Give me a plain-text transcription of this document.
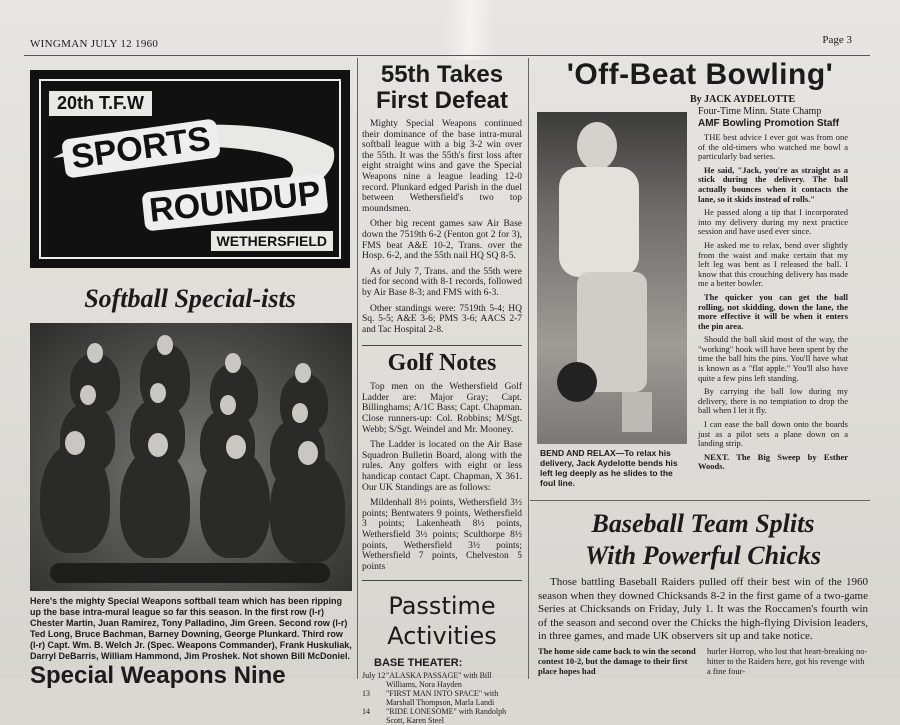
WINGMAN JULY 12 1960	Page 3
20th T.F.W
SPORTS
ROUNDUP
WETHERSFIELD
Softball Special-ists
Here's the mighty Special Weapons softball team which has been ripping up the base intra-mural league so far this season. In the first row (l-r) Chester Martin, Juan Ramirez, Tony Palladino, Jim Green. Second row (l-r) Ted Long, Bruce Bachman, Barney Downing, George Plunkard. Third row (l-r) Capt. Wm. B. Welch Jr. (Spec. Weapons Commander), Frank Huskuliak, Darryl DeBarris, William Hammond, Jim Proshek. Not shown Bill McDoniel.
Special Weapons Nine
55th Takes First Defeat

Mighty Special Weapons continued their dominance of the base intra-mural softball league with a big 3-2 win over the 55th. It was the 55th's first loss after eight straight wins and gave the Special Weapons nine a league leading 12-0 record. Plunkard edged Parish in the duel between Wethersfield's two top moundsmen.

Other big recent games saw Air Base down the 7519th 6-2 (Fenton got 2 for 3), FMS beat A&E 10-2, Trans. over the Hosp. 6-2, and the 55th nail HQ SQ 8-5.

As of July 7, Trans. and the 55th were tied for second with 8-1 records, followed by Air Base 8-3; and FMS with 6-3.

Other standings were: 7519th 5-4; HQ Sq. 5-5; A&E 3-6; PMS 3-6; AACS 2-7 and Tac Hospital 2-8.

Golf Notes

Top men on the Wethersfield Golf Ladder are: Major Gray; Capt. Billinghams; A/1C Bass; Capt. Chapman. Close runners-up: Col. Robbins; M/Sgt. Webb; S/Sgt. Weindel and Mr. Mooney.

The Ladder is located on the Air Base Squadron Bulletin Board, along with the rules. Any golfers with eight or less handicap contact Capt. Chapman, X 361. Our UK Standings are as follows:

Mildenhall 8½ points, Wethersfield 3½ points; Bentwaters 9 points, Wethersfield 3 points; Lakenheath 8½ points, Wethersfield 3½ points; Sculthorpe 8½ points, Wethersfield 3½ points; Wethersfield 7 points, Chelveston 5 points

Passtime
Activities
BASE THEATER:
July 12 "ALASKA PASSAGE" with Bill Williams, Nora Hayden
13	"FIRST MAN INTO SPACE" with Marshall Thompson, Marla Landi
14	"RIDE LONESOME" with Randolph Scott, Karen Steel
'Off-Beat Bowling'
By JACK AYDELOTTE
BEND AND RELAX—To relax his delivery, Jack Aydelotte bends his left leg deeply as he slides to the foul line.
Four-Time Minn. State Champ
AMF Bowling Promotion Staff

THE best advice I ever got was from one of the old-timers who watched me bowl a particularly bad series.

He said, "Jack, you're as straight as a stick during the delivery. The ball actually bounces when it contacts the lane, so it skids instead of rolls."

He passed along a tip that I incorporated into my delivery during my next practice session and have used ever since.

He asked me to relax, bend over slightly from the waist and make certain that my left leg was bent as I released the ball. I know that this crouching delivery has made me a better bowler.

The quicker you can get the ball rolling, not skidding, down the lane, the more effective it will be when it enters the pin area.

Should the ball skid most of the way, the "working" hook will have been spent by the time the ball hits the pins. You'll have what is known as a "flat apple." You'll also have quite a few pins left standing.

By carrying the ball low during my delivery, there is no temptation to drop the ball when I let it fly.

I can ease the ball down onto the boards just as a pilot sets a plane down on a landing strip.

NEXT. The Big Sweep by Esther Woods.

Baseball Team Splits
With Powerful Chicks

Those battling Baseball Raiders pulled off their best win of the 1960 season when they downed Chicksands 8-2 in the first game of a two-game Series at Chicksands on Friday, July 1. It was the Roccamen's fourth win of the season and second over the Chicks the high-flying Division leaders, in three games, and made UK observers sit up and take notice.

The home side came back to win the second contest 10-2, but the damage to their first place hopes had
hurler Horrop, who lost that heart-breaking no-hitter to the Raiders here, got his revenge with a fine four-
